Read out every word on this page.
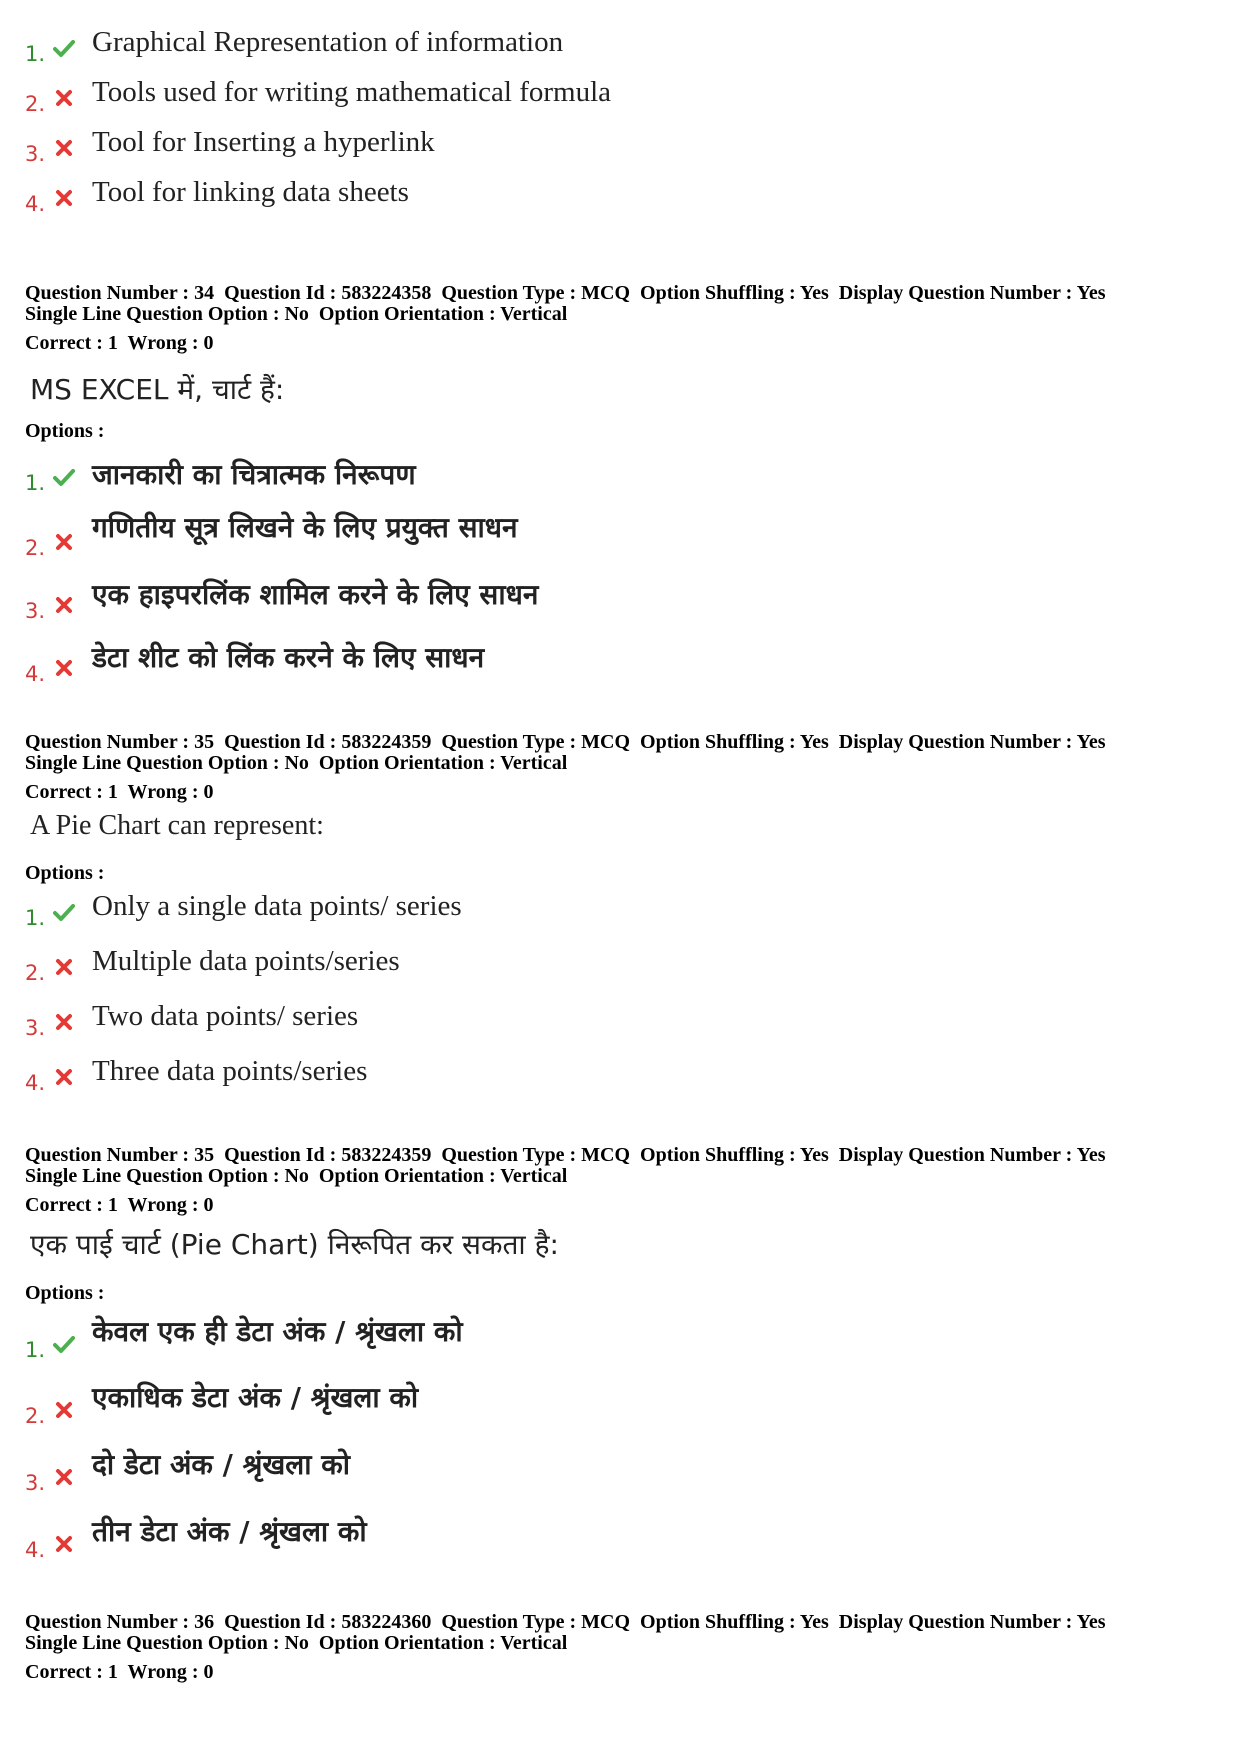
1. Graphical Representation of information
2. Tools used for writing mathematical formula
3. Tool for Inserting a hyperlink
4. Tool for linking data sheets
Question Number : 34  Question Id : 583224358  Question Type : MCQ  Option Shuffling : Yes  Display Question Number : Yes
Single Line Question Option : No  Option Orientation : Vertical
Correct : 1  Wrong : 0
MS EXCEL में, चार्ट हैं:
Options :
1. जानकारी का चित्रात्मक निरूपण
2.
गणितीय सूत्र लिखने के लिए प्रयुक्त साधन
3. एक हाइपरलिंक शामिल करने के लिए साधन
4. डेटा शीट को लिंक करने के लिए साधन
Question Number : 35  Question Id : 583224359  Question Type : MCQ  Option Shuffling : Yes  Display Question Number : Yes
Single Line Question Option : No  Option Orientation : Vertical
Correct : 1  Wrong : 0
A Pie Chart can represent:
Options :
1. Only a single data points/ series
2. Multiple data points/series
3. Two data points/ series
4. Three data points/series
Question Number : 35  Question Id : 583224359  Question Type : MCQ  Option Shuffling : Yes  Display Question Number : Yes
Single Line Question Option : No  Option Orientation : Vertical
Correct : 1  Wrong : 0
एक पाई चार्ट (Pie Chart) निरूपित कर सकता है:
Options :
1.
केवल एक ही डेटा अंक / श्रृंखला को
2.
एकाधिक डेटा अंक / श्रृंखला को
3.
दो डेटा अंक / श्रृंखला को
4.
तीन डेटा अंक / श्रृंखला को
Question Number : 36  Question Id : 583224360  Question Type : MCQ  Option Shuffling : Yes  Display Question Number : Yes
Single Line Question Option : No  Option Orientation : Vertical
Correct : 1  Wrong : 0
